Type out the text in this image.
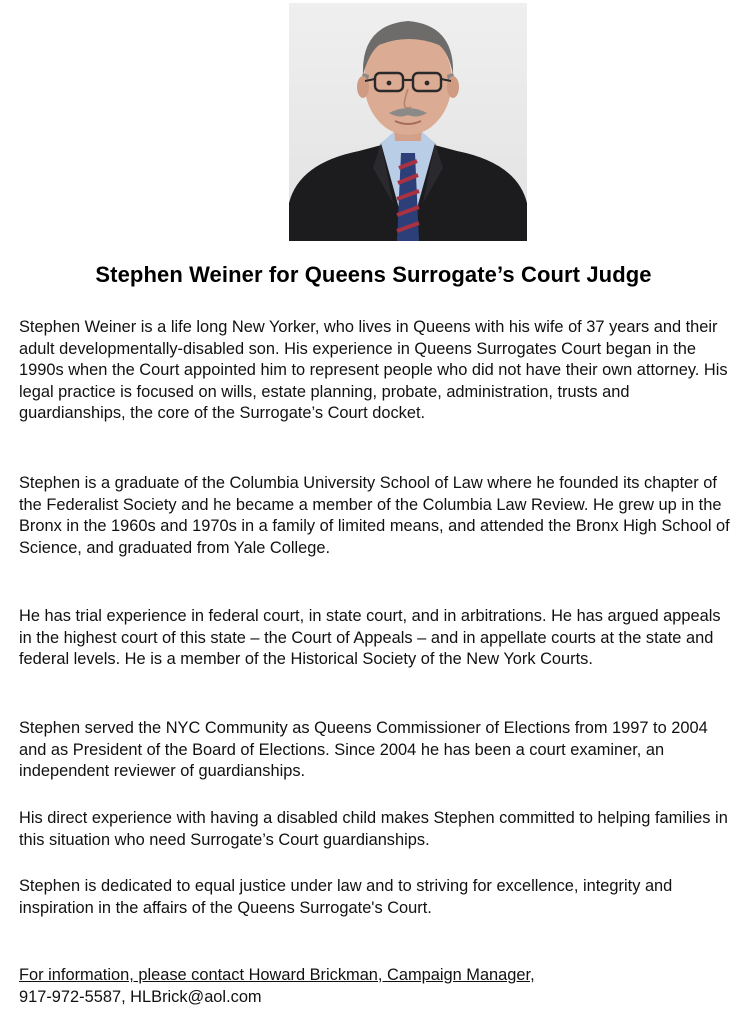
Stephen Weiner for Queens Surrogate’s Court Judge

Stephen Weiner is a life long New Yorker, who lives in Queens with his wife of 37 years and their adult developmentally-disabled son. His experience in Queens Surrogates Court began in the 1990s when the Court appointed him to represent people who did not have their own attorney. His legal practice is focused on wills, estate planning, probate, administration, trusts and guardianships, the core of the Surrogate’s Court docket.

Stephen is a graduate of the Columbia University School of Law where he founded its chapter of the Federalist Society and he became a member of the Columbia Law Review. He grew up in the Bronx in the 1960s and 1970s in a family of limited means, and attended the Bronx High School of Science, and graduated from Yale College.

He has trial experience in federal court, in state court, and in arbitrations. He has argued appeals in the highest court of this state – the Court of Appeals – and in appellate courts at the state and federal levels. He is a member of the Historical Society of the New York Courts.

Stephen served the NYC Community as Queens Commissioner of Elections from 1997 to 2004 and as President of the Board of Elections. Since 2004 he has been a court examiner, an independent reviewer of guardianships.

His direct experience with having a disabled child makes Stephen committed to helping families in this situation who need Surrogate’s Court guardianships.

Stephen is dedicated to equal justice under law and to striving for excellence, integrity and inspiration in the affairs of the Queens Surrogate's Court.

For information, please contact Howard Brickman, Campaign Manager,
917-972-5587, HLBrick@aol.com
